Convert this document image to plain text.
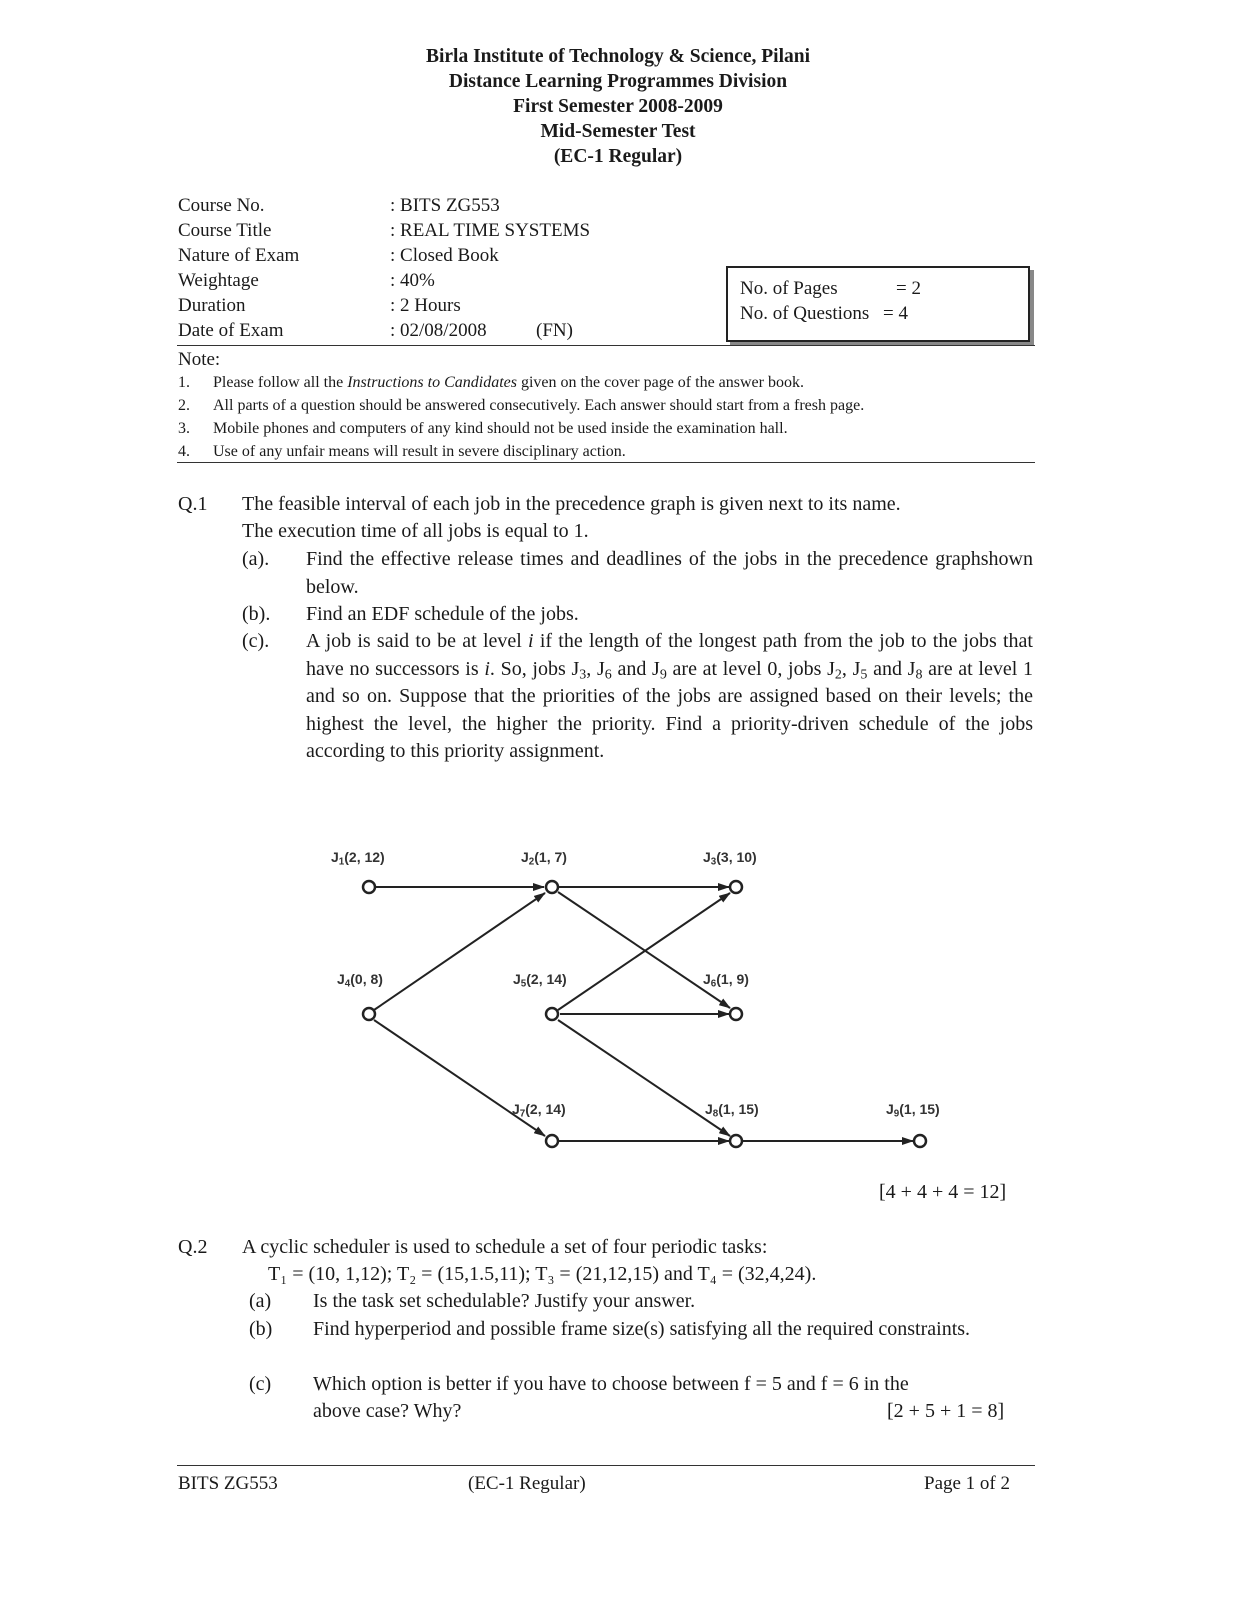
Birla Institute of Technology & Science, Pilani
Distance Learning Programmes Division
First Semester 2008-2009
Mid-Semester Test
(EC-1 Regular)
Course No.	: BITS ZG553
Course Title	: REAL TIME SYSTEMS
Nature of Exam	: Closed Book
Weightage	: 40%
Duration	: 2 Hours
Date of Exam	: 02/08/2008	(FN)
No. of Pages	= 2
No. of Questions = 4
Note:
1. Please follow all the Instructions to Candidates given on the cover page of the answer book.
2. All parts of a question should be answered consecutively. Each answer should start from a fresh page.
3. Mobile phones and computers of any kind should not be used inside the examination hall.
4. Use of any unfair means will result in severe disciplinary action.
Q.1 The feasible interval of each job in the precedence graph is given next to its name.
The execution time of all jobs is equal to 1.
(a). Find the effective release times and deadlines of the jobs in the precedence graphshown below.
(b). Find an EDF schedule of the jobs.
(c). A job is said to be at level i if the length of the longest path from the job to the jobs that have no successors is i. So, jobs $J_3$, $J_6$ and $J_9$ are at level 0, jobs $J_2$, $J_5$ and $J_8$ are at level 1 and so on. Suppose that the priorities of the jobs are assigned based on their levels; the highest the level, the higher the priority. Find a priority-driven schedule of the jobs according to this priority assignment.
$J_1(2$, 12)	$J_2(1$, 7)	$J_3(3$, 10)
$J_4(0$, 8)	$J_5(2$, 14)	$J_6(1$, 9)
$J_7(2$, 14)	$J_8(1$, 15)	$J_9(1$, 15)
[4 + 4 + 4 = 12]
Q.2 A cyclic scheduler is used to schedule a set of four periodic tasks:
T₁ = (10, 1,12); T₂ = (15,1.5,11); T₃ = (21,12,15) and T₄ = (32,4,24).
(a) Is the task set schedulable? Justify your answer.
(b) Find hyperperiod and possible frame size(s) satisfying all the required constraints.
(c) Which option is better if you have to choose between f = 5 and f = 6 in the
above case? Why?	[2 + 5 + 1 = 8]
BITS ZG553	(EC-1 Regular)	Page 1 of 2
